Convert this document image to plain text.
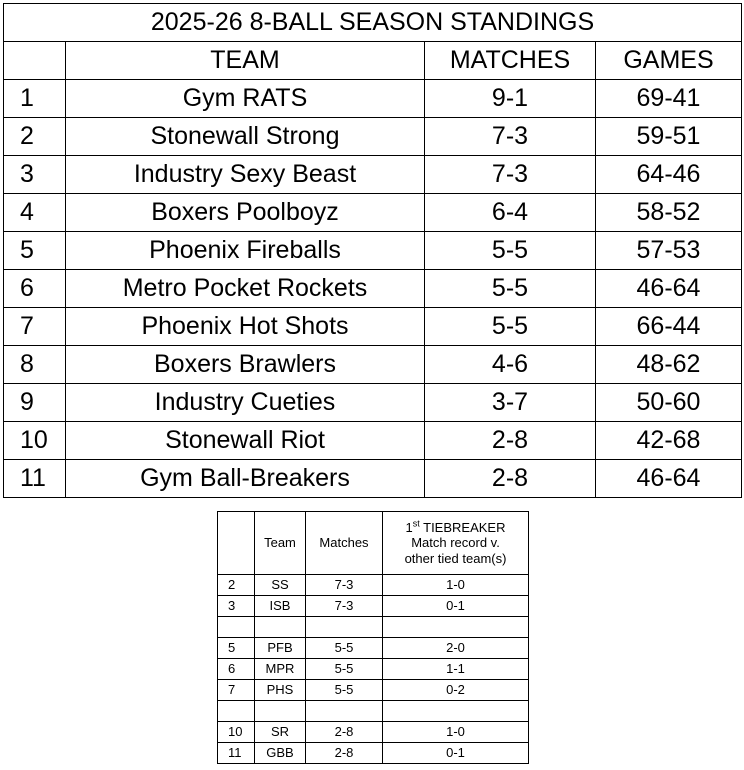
2025-26 8-BALL SEASON STANDINGS			
	TEAM	MATCHES	GAMES
1	Gym RATS	9-1	69-41
2	Stonewall Strong	7-3	59-51
3	Industry Sexy Beast	7-3	64-46
4	Boxers Poolboyz	6-4	58-52
5	Phoenix Fireballs	5-5	57-53
6	Metro Pocket Rockets	5-5	46-64
7	Phoenix Hot Shots	5-5	66-44
8	Boxers Brawlers	4-6	48-62
9	Industry Cueties	3-7	50-60
10	Stonewall Riot	2-8	42-68
11	Gym Ball-Breakers	2-8	46-64
	Team	Matches	1st TIEBREAKER
Match record v.
other tied team(s)

2	SS	7-3	1-0
3	ISB	7-3	0-1

5	PFB	5-5	2-0
6	MPR	5-5	1-1
7	PHS	5-5	0-2

10	SR	2-8	1-0
11	GBB	2-8	0-1
